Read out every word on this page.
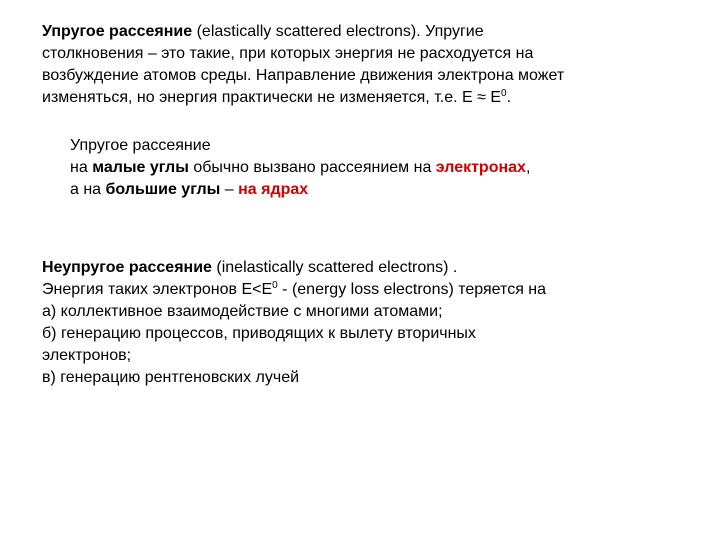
Упругое рассеяние (elastically scattered electrons). Упругие
столкновения – это такие, при которых энергия не расходуется на
возбуждение атомов среды. Направление движения электрона может
изменяться, но энергия практически не изменяется, т.е. $E \approx E^0$.

Упругое рассеяние
на малые углы обычно вызвано рассеянием на электронах,
а на большие углы – на ядрах

Неупругое рассеяние (inelastically scattered electrons) .
Энергия таких электронов $E<E^0$ - (energy loss electrons) теряется на
а) коллективное взаимодействие с многими атомами;
б) генерацию процессов, приводящих к вылету вторичных
электронов;
в) генерацию рентгеновских лучей
